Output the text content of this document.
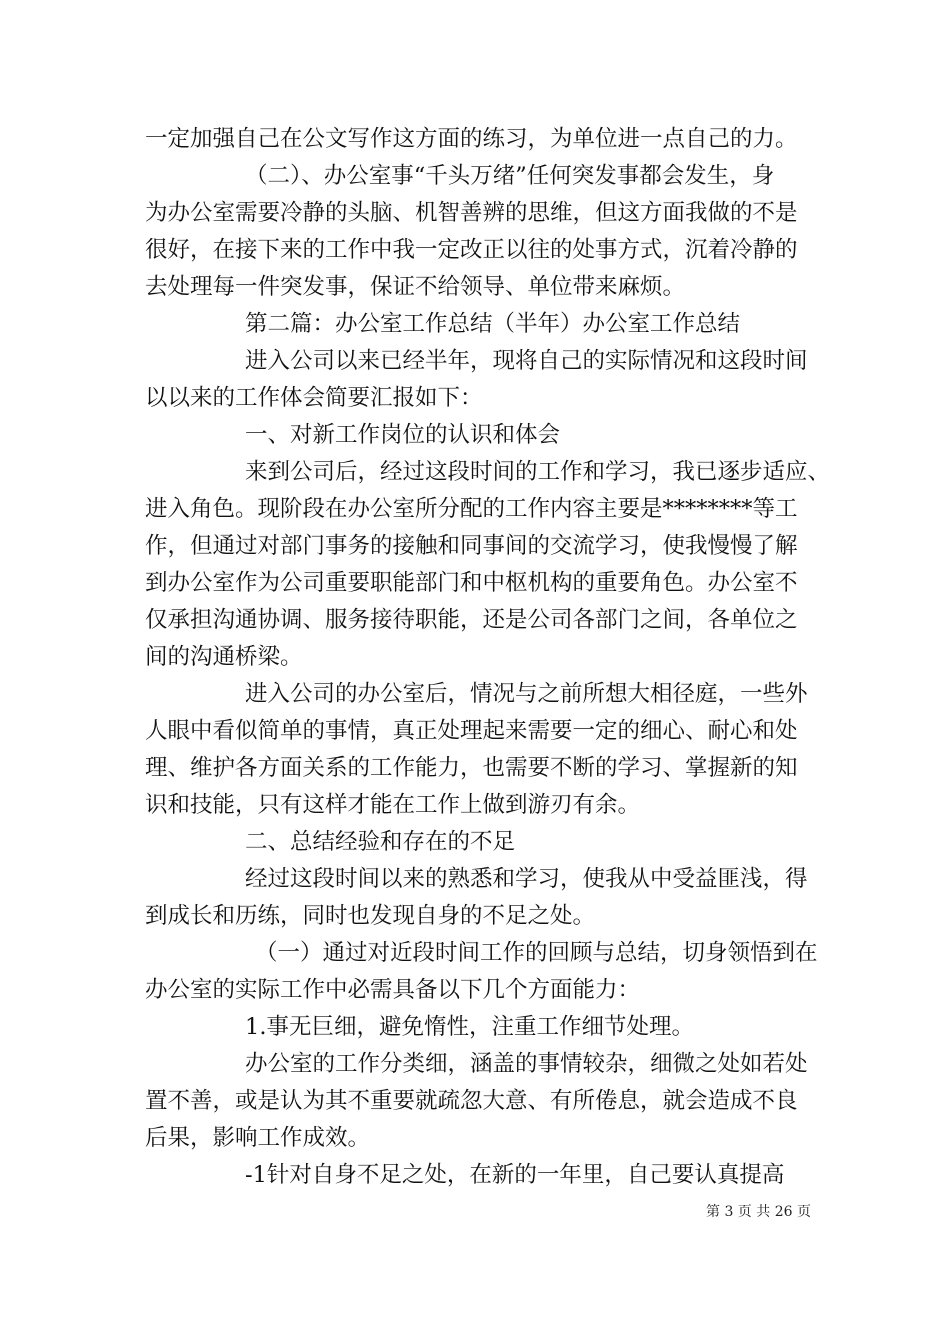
一定加强自己在公文写作这方面的练习，为单位进一点自己的力。
（二）、办公室事“千头万绪”任何突发事都会发生，身
为办公室需要冷静的头脑、机智善辨的思维，但这方面我做的不是
很好，在接下来的工作中我一定改正以往的处事方式，沉着冷静的
去处理每一件突发事，保证不给领导、单位带来麻烦。
第二篇：办公室工作总结（半年）办公室工作总结
进入公司以来已经半年，现将自己的实际情况和这段时间
以以来的工作体会简要汇报如下：
一、对新工作岗位的认识和体会
来到公司后，经过这段时间的工作和学习，我已逐步适应、
进入角色。现阶段在办公室所分配的工作内容主要是********等工
作，但通过对部门事务的接触和同事间的交流学习，使我慢慢了解
到办公室作为公司重要职能部门和中枢机构的重要角色。办公室不
仅承担沟通协调、服务接待职能，还是公司各部门之间，各单位之
间的沟通桥梁。
进入公司的办公室后，情况与之前所想大相径庭，一些外
人眼中看似简单的事情，真正处理起来需要一定的细心、耐心和处
理、维护各方面关系的工作能力，也需要不断的学习、掌握新的知
识和技能，只有这样才能在工作上做到游刃有余。
二、总结经验和存在的不足
经过这段时间以来的熟悉和学习，使我从中受益匪浅，得
到成长和历练，同时也发现自身的不足之处。
（一）通过对近段时间工作的回顾与总结，切身领悟到在
办公室的实际工作中必需具备以下几个方面能力：
1.事无巨细，避免惰性，注重工作细节处理。
办公室的工作分类细，涵盖的事情较杂，细微之处如若处
置不善，或是认为其不重要就疏忽大意、有所倦息，就会造成不良
后果，影响工作成效。
-1针对自身不足之处，在新的一年里，自己要认真提高
第 3 页 共 26 页
